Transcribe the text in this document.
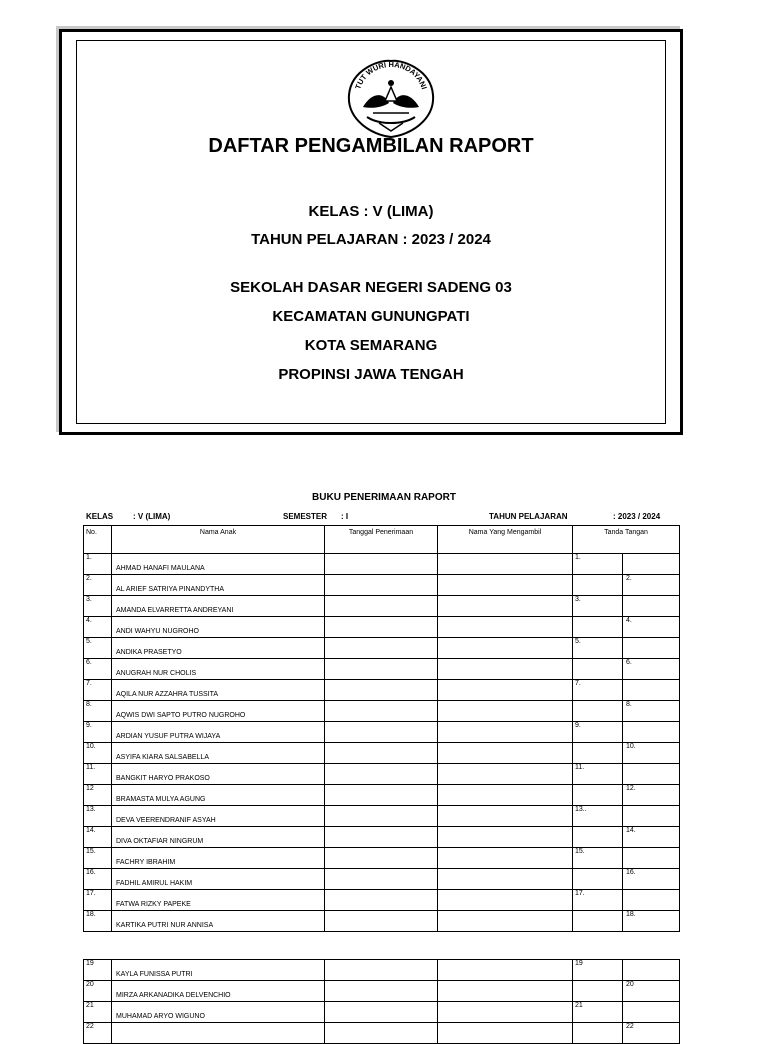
TUT WURI HANDAYANI
DAFTAR PENGAMBILAN RAPORT
KELAS : V (LIMA)
TAHUN PELAJARAN : 2023 / 2024
SEKOLAH DASAR NEGERI SADENG 03
KECAMATAN GUNUNGPATI
KOTA SEMARANG
PROPINSI JAWA TENGAH
BUKU PENERIMAAN RAPORT
KELAS : V (LIMA)	SEMESTER : I	TAHUN PELAJARAN	: 2023 / 2024
No.	Nama Anak	Tanggal Penerimaan	Nama Yang Mengambil	Tanda Tangan	
1.	AHMAD HANAFI MAULANA			1.	
2.	AL ARIEF SATRIYA PINANDYTHA				2.
3.	AMANDA ELVARRETTA ANDREYANI			3.	
4.	ANDI WAHYU NUGROHO				4.
5.	ANDIKA PRASETYO			5.	
6.	ANUGRAH NUR CHOLIS				6.
7.	AQILA NUR AZZAHRA TUSSITA			7.	
8.	AQWIS DWI SAPTO PUTRO NUGROHO				8.
9.	ARDIAN YUSUF PUTRA WIJAYA			9.	
10.	ASYIFA KIARA SALSABELLA				10.
11.	BANGKIT HARYO PRAKOSO			11.	
12	BRAMASTA MULYA AGUNG				12.
13.	DEVA VEERENDRANIF ASYAH			13..	
14.	DIVA OKTAFIAR NINGRUM				14.
15.	FACHRY IBRAHIM			15.	
16.	FADHIL AMIRUL HAKIM				16.
17.	FATWA RIZKY PAPEKE			17.	
18.	KARTIKA PUTRI NUR ANNISA				18.
19	KAYLA FUNISSA PUTRI			19	
20	MIRZA ARKANADIKA DELVENCHIO				20
21	MUHAMAD ARYO WIGUNO			21	
22					22
